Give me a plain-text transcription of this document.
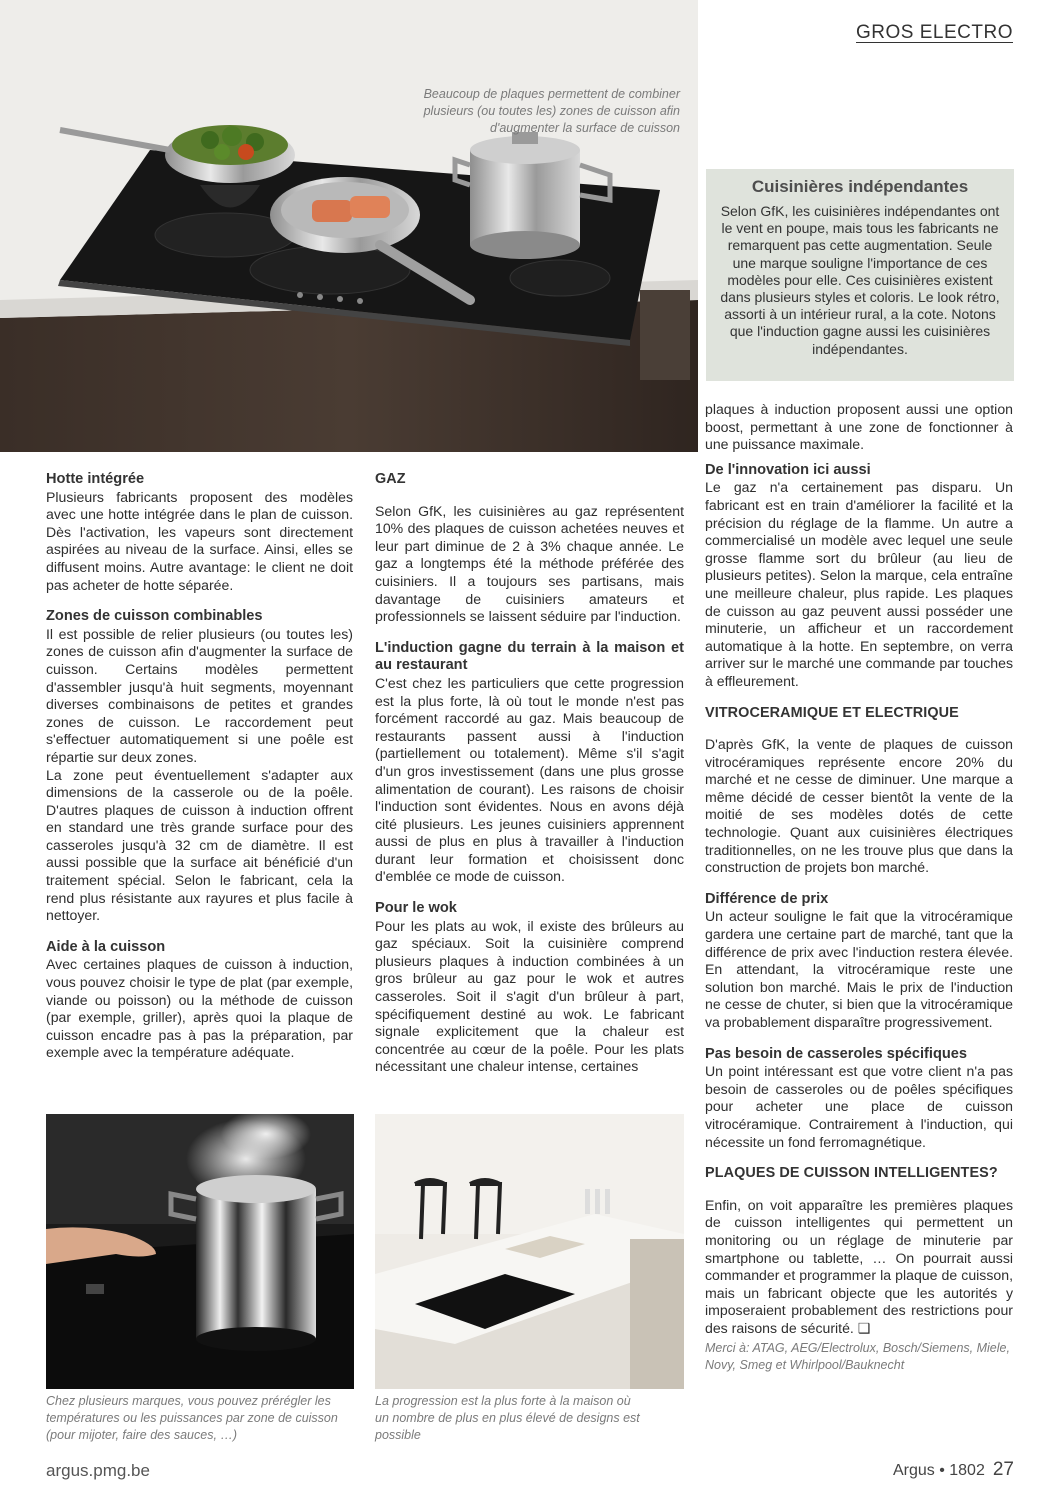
GROS ELECTRO
Beaucoup de plaques permettent de combiner plusieurs (ou toutes les) zones de cuisson afin d'augmenter la surface de cuisson
Cuisinières indépendantes

Selon GfK, les cuisinières indépendantes ont le vent en poupe, mais tous les fabricants ne remarquent pas cette augmentation. Seule une marque souligne l'importance de ces modèles pour elle. Ces cuisinières existent dans plusieurs styles et coloris. Le look rétro, assorti à un intérieur rural, a la cote. Notons que l'induction gagne aussi les cuisinières indépendantes.

Hotte intégrée

Plusieurs fabricants proposent des modèles avec une hotte intégrée dans le plan de cuisson. Dès l'activation, les vapeurs sont directement aspirées au niveau de la surface. Ainsi, elles se diffusent moins. Autre avantage: le client ne doit pas acheter de hotte séparée.

Zones de cuisson combinables

Il est possible de relier plusieurs (ou toutes les) zones de cuisson afin d'augmenter la surface de cuisson. Certains modèles permettent d'assembler jusqu'à huit segments, moyennant diverses combinaisons de petites et grandes zones de cuisson. Le raccordement peut s'effectuer automatiquement si une poêle est répartie sur deux zones.

La zone peut éventuellement s'adapter aux dimensions de la casserole ou de la poêle. D'autres plaques de cuisson à induction offrent en standard une très grande surface pour des casseroles jusqu'à 32 cm de diamètre. Il est aussi possible que la surface ait bénéficié d'un traitement spécial. Selon le fabricant, cela la rend plus résistante aux rayures et plus facile à nettoyer.

Aide à la cuisson

Avec certaines plaques de cuisson à induction, vous pouvez choisir le type de plat (par exemple, viande ou poisson) ou la méthode de cuisson (par exemple, griller), après quoi la plaque de cuisson encadre pas à pas la préparation, par exemple avec la température adéquate.

GAZ

Selon GfK, les cuisinières au gaz représentent 10% des plaques de cuisson achetées neuves et leur part diminue de 2 à 3% chaque année. Le gaz a longtemps été la méthode préférée des cuisiniers. Il a toujours ses partisans, mais davantage de cuisiniers amateurs et professionnels se laissent séduire par l'induction.

L'induction gagne du terrain à la maison et au restaurant

C'est chez les particuliers que cette progression est la plus forte, là où tout le monde n'est pas forcément raccordé au gaz. Mais beaucoup de restaurants passent aussi à l'induction (partiellement ou totalement). Même s'il s'agit d'un gros investissement (dans une plus grosse alimentation de courant). Les raisons de choisir l'induction sont évidentes. Nous en avons déjà cité plusieurs. Les jeunes cuisiniers apprennent aussi de plus en plus à travailler à l'induction durant leur formation et choisissent donc d'emblée ce mode de cuisson.

Pour le wok

Pour les plats au wok, il existe des brûleurs au gaz spéciaux. Soit la cuisinière comprend plusieurs plaques à induction combinées à un gros brûleur au gaz pour le wok et autres casseroles. Soit il s'agit d'un brûleur à part, spécifiquement destiné au wok. Le fabricant signale explicitement que la chaleur est concentrée au cœur de la poêle. Pour les plats nécessitant une chaleur intense, certaines

plaques à induction proposent aussi une option boost, permettant à une zone de fonctionner à une puissance maximale.

De l'innovation ici aussi

Le gaz n'a certainement pas disparu. Un fabricant est en train d'améliorer la facilité et la précision du réglage de la flamme. Un autre a commercialisé un modèle avec lequel une seule grosse flamme sort du brûleur (au lieu de plusieurs petites). Selon la marque, cela entraîne une meilleure chaleur, plus rapide. Les plaques de cuisson au gaz peuvent aussi posséder une minuterie, un afficheur et un raccordement automatique à la hotte. En septembre, on verra arriver sur le marché une commande par touches à effleurement.

VITROCERAMIQUE ET ELECTRIQUE

D'après GfK, la vente de plaques de cuisson vitrocéramiques représente encore 20% du marché et ne cesse de diminuer. Une marque a même décidé de cesser bientôt la vente de la moitié de ses modèles dotés de cette technologie. Quant aux cuisinières électriques traditionnelles, on ne les trouve plus que dans la construction de projets bon marché.

Différence de prix

Un acteur souligne le fait que la vitrocéramique gardera une certaine part de marché, tant que la différence de prix avec l'induction restera élevée. En attendant, la vitrocéramique reste une solution bon marché. Mais le prix de l'induction ne cesse de chuter, si bien que la vitrocéramique va probablement disparaître progressivement.

Pas besoin de casseroles spécifiques

Un point intéressant est que votre client n'a pas besoin de casseroles ou de poêles spécifiques pour acheter une place de cuisson vitrocéramique. Contrairement à l'induction, qui nécessite un fond ferromagnétique.

PLAQUES DE CUISSON INTELLIGENTES?

Enfin, on voit apparaître les premières plaques de cuisson intelligentes qui permettent un monitoring ou un réglage de minuterie par smartphone ou tablette, … On pourrait aussi commander et programmer la plaque de cuisson, mais un fabricant objecte que les autorités y imposeraient probablement des restrictions pour des raisons de sécurité. ❑

Merci à: ATAG, AEG/Electrolux, Bosch/Siemens, Miele, Novy, Smeg et Whirlpool/Bauknecht

Chez plusieurs marques, vous pouvez prérégler les températures ou les puissances par zone de cuisson (pour mijoter, faire des sauces, …)
La progression est la plus forte à la maison où un nombre de plus en plus élevé de designs est possible
argus.pmg.be	Argus • 1802 27
